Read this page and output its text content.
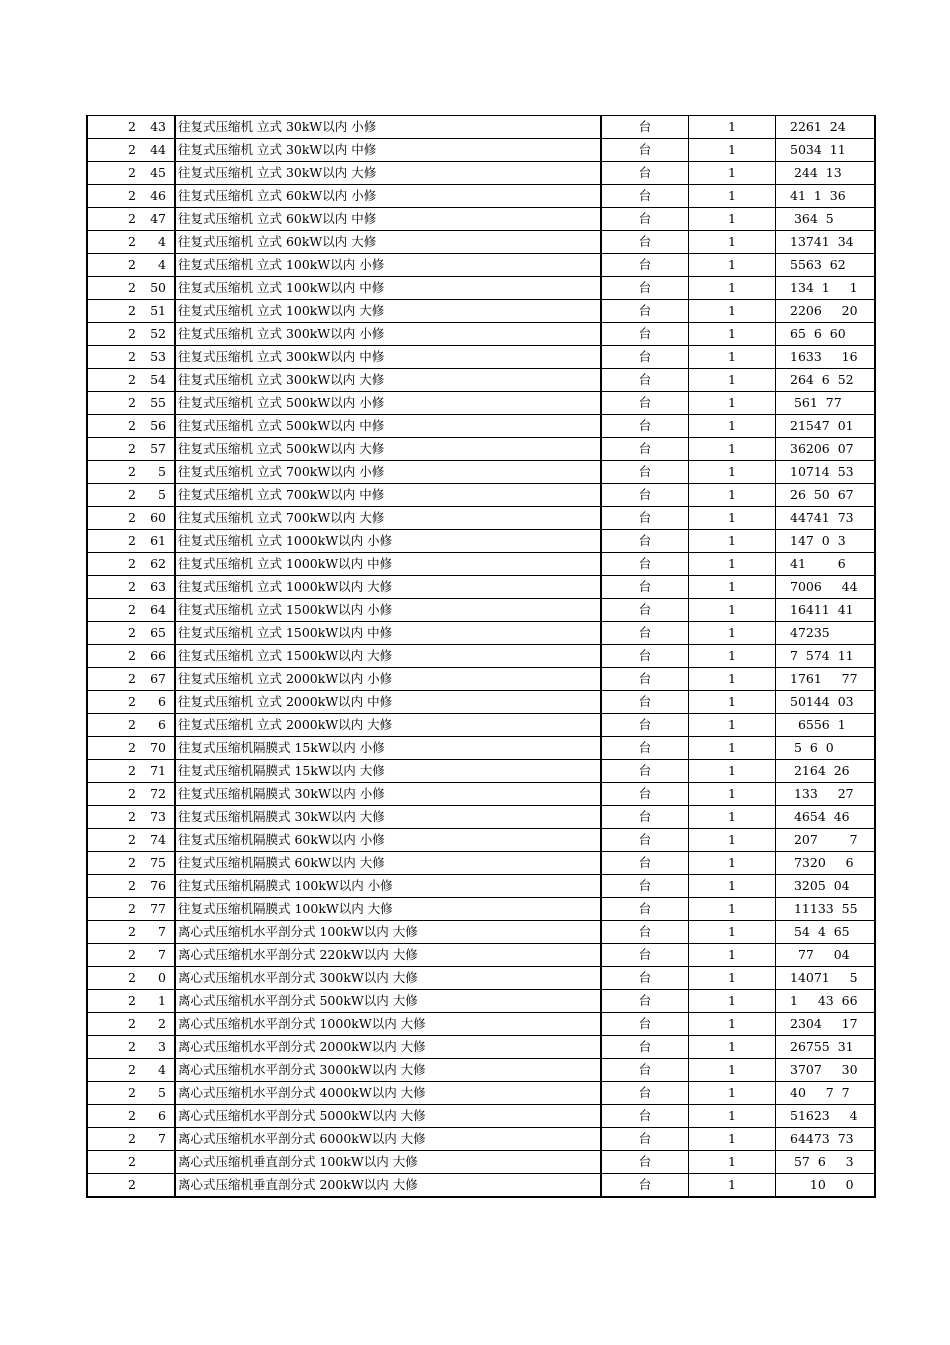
2 43	往复式压缩机 立式 30kW以内 小修	台	1	2261  24

2 44	往复式压缩机 立式 30kW以内 中修	台	1	5034  11

2 45	往复式压缩机 立式 30kW以内 大修	台	1	244  13

2 46	往复式压缩机 立式 60kW以内 小修	台	1	41  1  36

2 47	往复式压缩机 立式 60kW以内 中修	台	1	364  5

2 4	往复式压缩机 立式 60kW以内 大修	台	1	13741  34

2 4	往复式压缩机 立式 100kW以内 小修	台	1	5563  62

2 50	往复式压缩机 立式 100kW以内 中修	台	1	134  1     1

2 51	往复式压缩机 立式 100kW以内 大修	台	1	2206     20

2 52	往复式压缩机 立式 300kW以内 小修	台	1	65  6  60

2 53	往复式压缩机 立式 300kW以内 中修	台	1	1633     16

2 54	往复式压缩机 立式 300kW以内 大修	台	1	264  6  52

2 55	往复式压缩机 立式 500kW以内 小修	台	1	561  77

2 56	往复式压缩机 立式 500kW以内 中修	台	1	21547  01

2 57	往复式压缩机 立式 500kW以内 大修	台	1	36206  07

2 5	往复式压缩机 立式 700kW以内 小修	台	1	10714  53

2 5	往复式压缩机 立式 700kW以内 中修	台	1	26  50  67

2 60	往复式压缩机 立式 700kW以内 大修	台	1	44741  73

2 61	往复式压缩机 立式 1000kW以内 小修	台	1	147  0  3

2 62	往复式压缩机 立式 1000kW以内 中修	台	1	41        6

2 63	往复式压缩机 立式 1000kW以内 大修	台	1	7006     44

2 64	往复式压缩机 立式 1500kW以内 小修	台	1	16411  41

2 65	往复式压缩机 立式 1500kW以内 中修	台	1	47235

2 66	往复式压缩机 立式 1500kW以内 大修	台	1	7  574  11

2 67	往复式压缩机 立式 2000kW以内 小修	台	1	1761     77

2 6	往复式压缩机 立式 2000kW以内 中修	台	1	50144  03

2 6	往复式压缩机 立式 2000kW以内 大修	台	1	6556  1

2 70	往复式压缩机隔膜式 15kW以内 小修	台	1	5  6  0

2 71	往复式压缩机隔膜式 15kW以内 大修	台	1	2164  26

2 72	往复式压缩机隔膜式 30kW以内 小修	台	1	133     27

2 73	往复式压缩机隔膜式 30kW以内 大修	台	1	4654  46

2 74	往复式压缩机隔膜式 60kW以内 小修	台	1	207        7

2 75	往复式压缩机隔膜式 60kW以内 大修	台	1	7320     6

2 76	往复式压缩机隔膜式 100kW以内 小修	台	1	3205  04

2 77	往复式压缩机隔膜式 100kW以内 大修	台	1	11133  55

2 7	离心式压缩机水平剖分式 100kW以内 大修	台	1	54  4  65

2 7	离心式压缩机水平剖分式 220kW以内 大修	台	1	77     04

2 0	离心式压缩机水平剖分式 300kW以内 大修	台	1	14071     5

2 1	离心式压缩机水平剖分式 500kW以内 大修	台	1	1     43  66

2 2	离心式压缩机水平剖分式 1000kW以内 大修	台	1	2304     17

2 3	离心式压缩机水平剖分式 2000kW以内 大修	台	1	26755  31

2 4	离心式压缩机水平剖分式 3000kW以内 大修	台	1	3707     30

2 5	离心式压缩机水平剖分式 4000kW以内 大修	台	1	40     7  7

2 6	离心式压缩机水平剖分式 5000kW以内 大修	台	1	51623     4

2 7	离心式压缩机水平剖分式 6000kW以内 大修	台	1	64473  73

2	离心式压缩机垂直剖分式 100kW以内 大修	台	1	57  6     3

2	离心式压缩机垂直剖分式 200kW以内 大修	台	1	10     0
